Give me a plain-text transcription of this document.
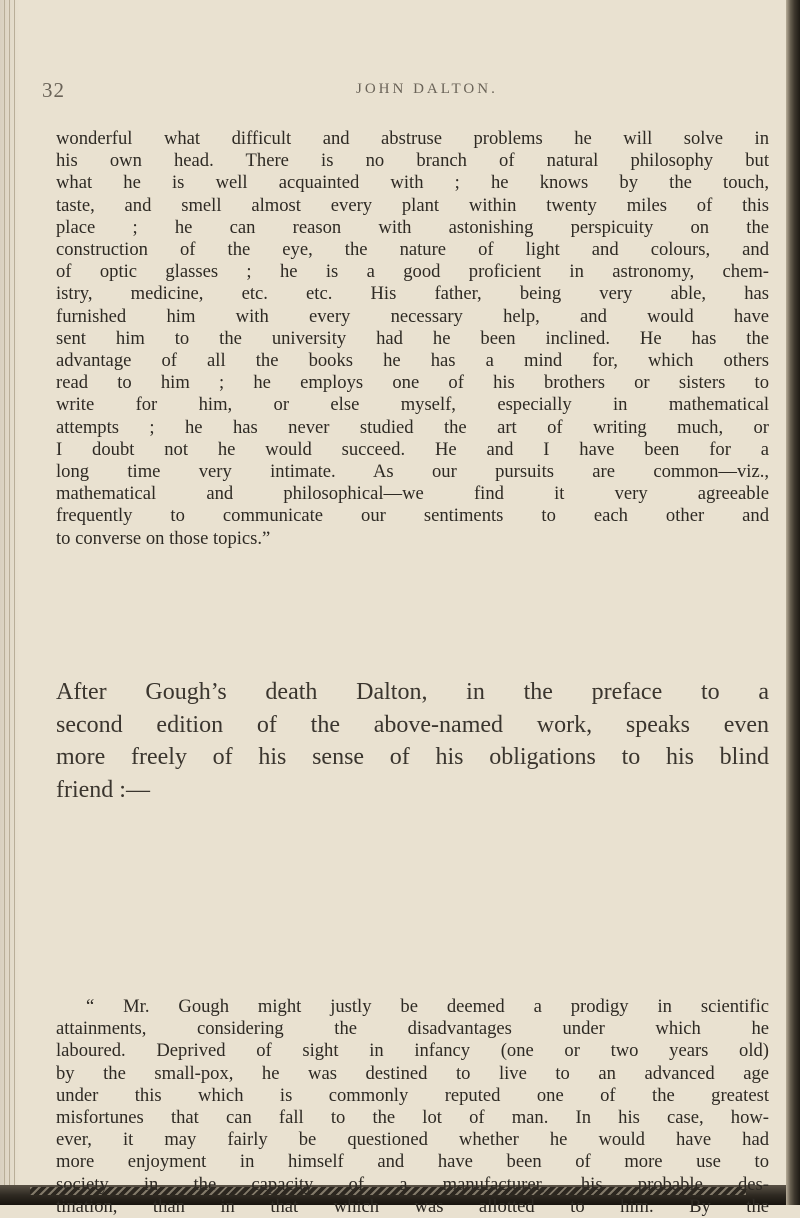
32	JOHN DALTON.
wonderful what difficult and abstruse problems he will solve in
his own head. There is no branch of natural philosophy but
what he is well acquainted with ; he knows by the touch,
taste, and smell almost every plant within twenty miles of this
place ; he can reason with astonishing perspicuity on the
construction of the eye, the nature of light and colours, and
of optic glasses ; he is a good proficient in astronomy, chem-
istry, medicine, etc. etc. His father, being very able, has
furnished him with every necessary help, and would have
sent him to the university had he been inclined. He has the
advantage of all the books he has a mind for, which others
read to him ; he employs one of his brothers or sisters to
write for him, or else myself, especially in mathematical
attempts ; he has never studied the art of writing much, or
I doubt not he would succeed. He and I have been for a
long time very intimate. As our pursuits are common—viz.,
mathematical and philosophical—we find it very agreeable
frequently to communicate our sentiments to each other and
to converse on those topics.”
After Gough’s death Dalton, in the preface to a
second edition of the above-named work, speaks even
more freely of his sense of his obligations to his blind
friend :—
“ Mr. Gough might justly be deemed a prodigy in scientific
attainments, considering the disadvantages under which he
laboured. Deprived of sight in infancy (one or two years old)
by the small-pox, he was destined to live to an advanced age
under this which is commonly reputed one of the greatest
misfortunes that can fall to the lot of man. In his case, how-
ever, it may fairly be questioned whether he would have had
more enjoyment in himself and have been of more use to
society in the capacity of a manufacturer, his probable des-
tination, than in that which was allotted to him. By the
